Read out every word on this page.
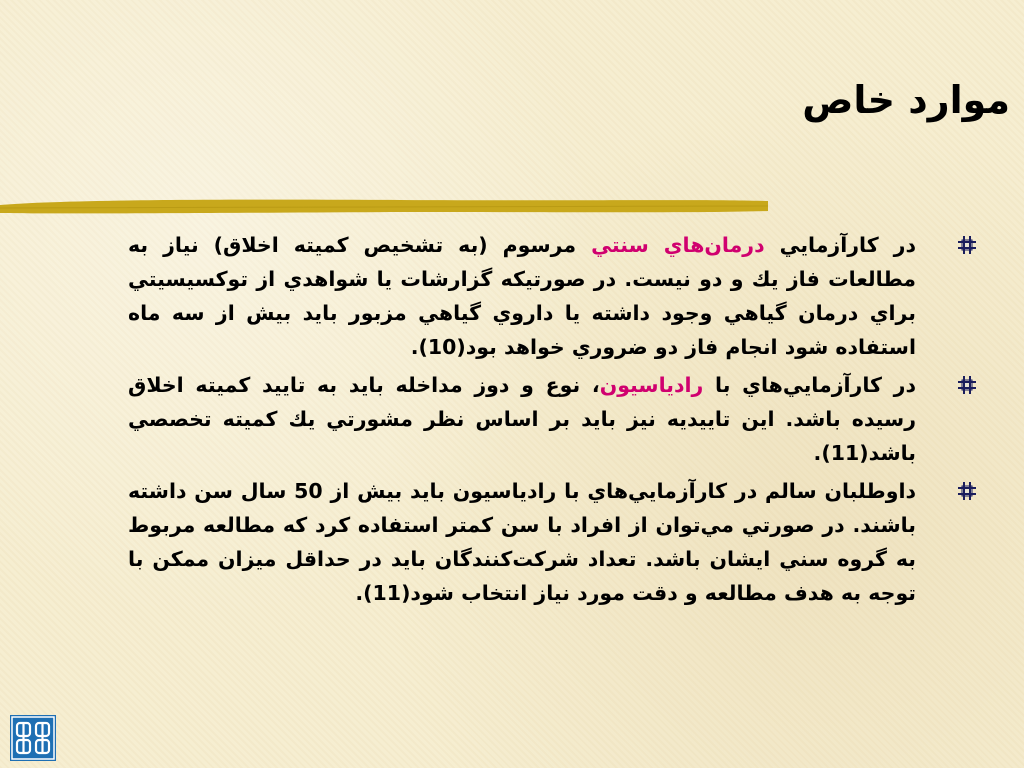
موارد خاص

در كارآزمايي درمان‌هاي سنتي مرسوم (به تشخيص كميته اخلاق) نياز به مطالعات فاز يك و دو نيست. در صورتيكه گزارشات يا شواهدي از توكسيسيتي براي درمان گياهي وجود داشته يا داروي گياهي مزبور بايد بيش از سه ماه استفاده شود انجام فاز دو ضروري خواهد بود(10).

در كارآزمايي‌هاي با راديا‌سيون، نوع و دوز مداخله بايد به تاييد كميته اخلاق رسيده باشد. اين تاييديه نيز بايد بر اساس نظر مشورتي يك كميته تخصصي باشد(11).

داوطلبان سالم در كارآزمايي‌هاي با راديا‌سيون بايد بيش از 50 سال سن داشته باشند. در صورتي مي‌توان از افراد با سن كمتر استفاده كرد كه مطالعه مربوط به گروه سني ايشان باشد. تعداد شركت‌كنندگان بايد در حداقل ميزان ممكن با توجه به هدف مطالعه و دقت مورد نياز انتخاب شود(11).
